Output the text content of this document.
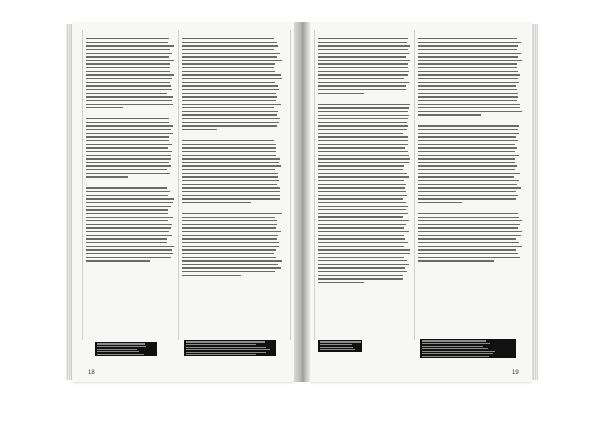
18	19
